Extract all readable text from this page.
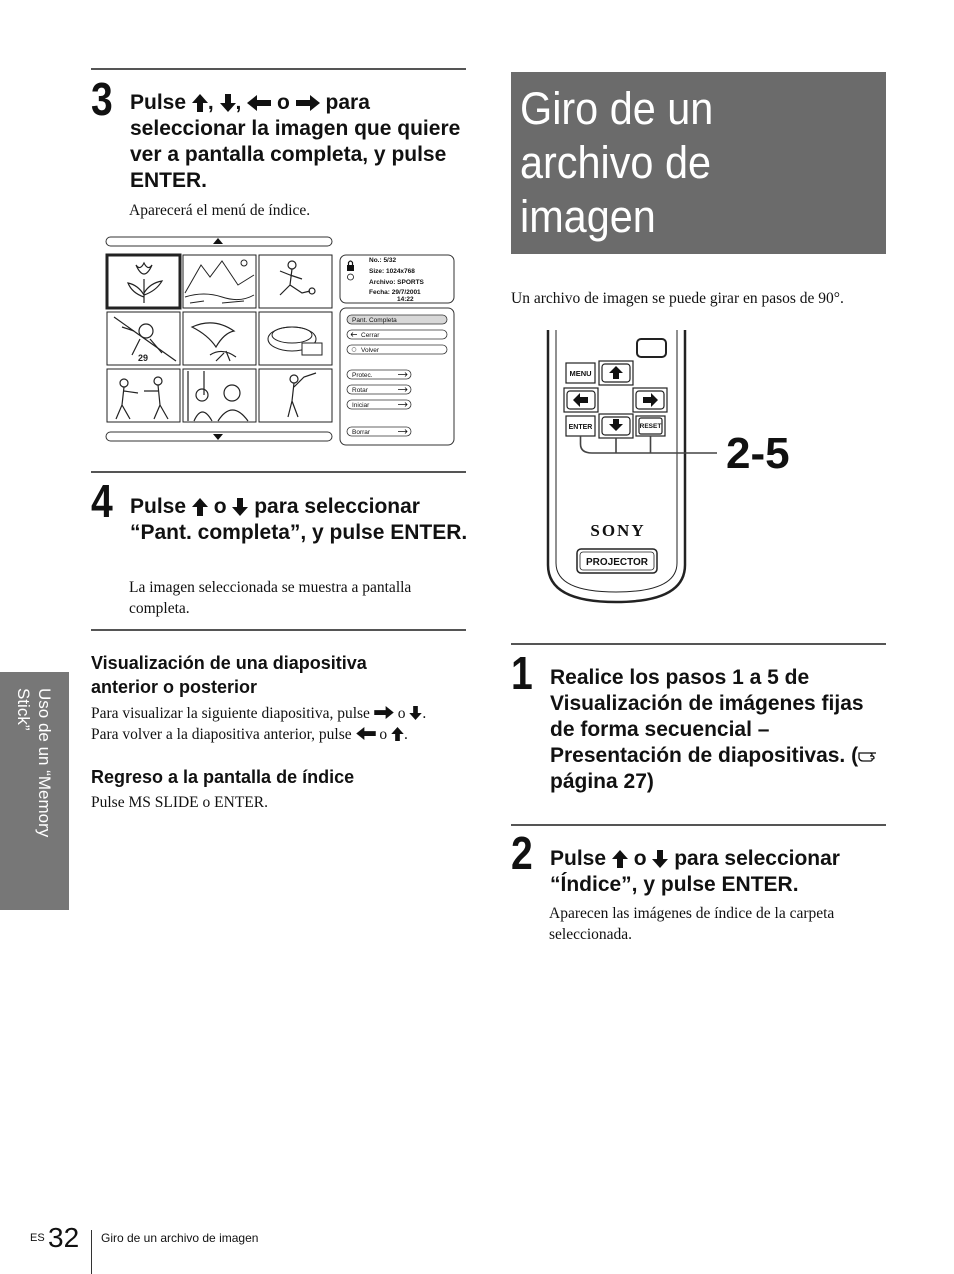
3 Pulse , ,  o  para seleccionar la imagen que quiere ver a pantalla completa, y pulse ENTER.
Aparecerá el menú de índice.
29
No.: 5/32
Size: 1024x768
Archivo: SPORTS
Fecha: 29/7/2001
14:22
Pant. Completa
Cerrar
Volver
Protec.
Rotar
Iniciar
Borrar
4 Pulse  o  para seleccionar “Pant. completa”, y pulse ENTER.
La imagen seleccionada se muestra a pantalla completa.
Visualización de una diapositiva anterior o posterior
Para visualizar la siguiente diapositiva, pulse  o .
Para volver a la diapositiva anterior, pulse  o .
Regreso a la pantalla de índice
Pulse MS SLIDE o ENTER.
Uso de un “Memory
Stick”
Giro de un archivo de imagen
Un archivo de imagen se puede girar en pasos de 90°.
MENU
ENTER	RESET
2-5
SONY
PROJECTOR
1 Realice los pasos 1 a 5 de Visualización de imágenes fijas de forma secuencial – Presentación de diapositivas. ( página 27)
2 Pulse  o  para seleccionar “Índice”, y pulse ENTER.
Aparecen las imágenes de índice de la carpeta seleccionada.
ES 32 Giro de un archivo de imagen
